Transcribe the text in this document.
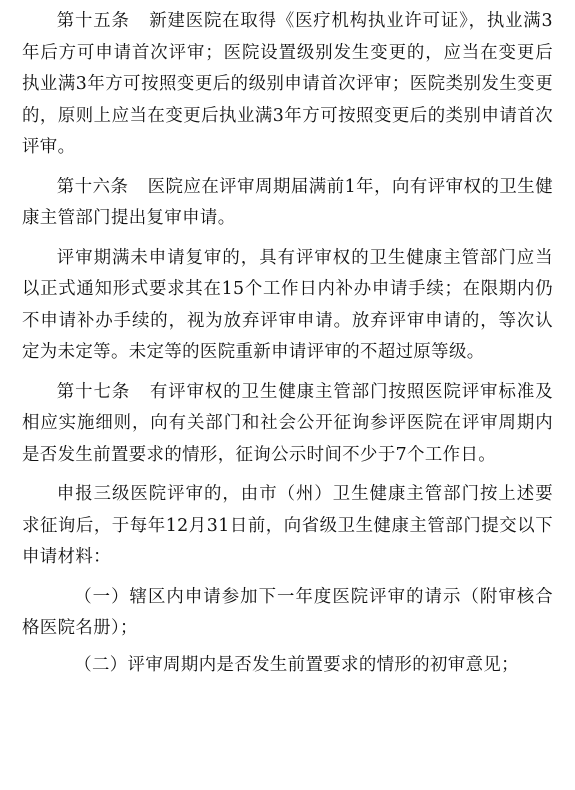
第十五条 新建医院在取得《医疗机构执业许可证》，执业满3年后方可申请首次评审；医院设置级别发生变更的，应当在变更后执业满3年方可按照变更后的级别申请首次评审；医院类别发生变更的，原则上应当在变更后执业满3年方可按照变更后的类别申请首次评审。

第十六条 医院应在评审周期届满前1年，向有评审权的卫生健康主管部门提出复审申请。

评审期满未申请复审的，具有评审权的卫生健康主管部门应当以正式通知形式要求其在15个工作日内补办申请手续；在限期内仍不申请补办手续的，视为放弃评审申请。放弃评审申请的，等次认定为未定等。未定等的医院重新申请评审的不超过原等级。

第十七条 有评审权的卫生健康主管部门按照医院评审标准及相应实施细则，向有关部门和社会公开征询参评医院在评审周期内是否发生前置要求的情形，征询公示时间不少于7个工作日。

申报三级医院评审的，由市（州）卫生健康主管部门按上述要求征询后，于每年12月31日前，向省级卫生健康主管部门提交以下申请材料：

（一）辖区内申请参加下一年度医院评审的请示（附审核合格医院名册）；

（二）评审周期内是否发生前置要求的情形的初审意见；
